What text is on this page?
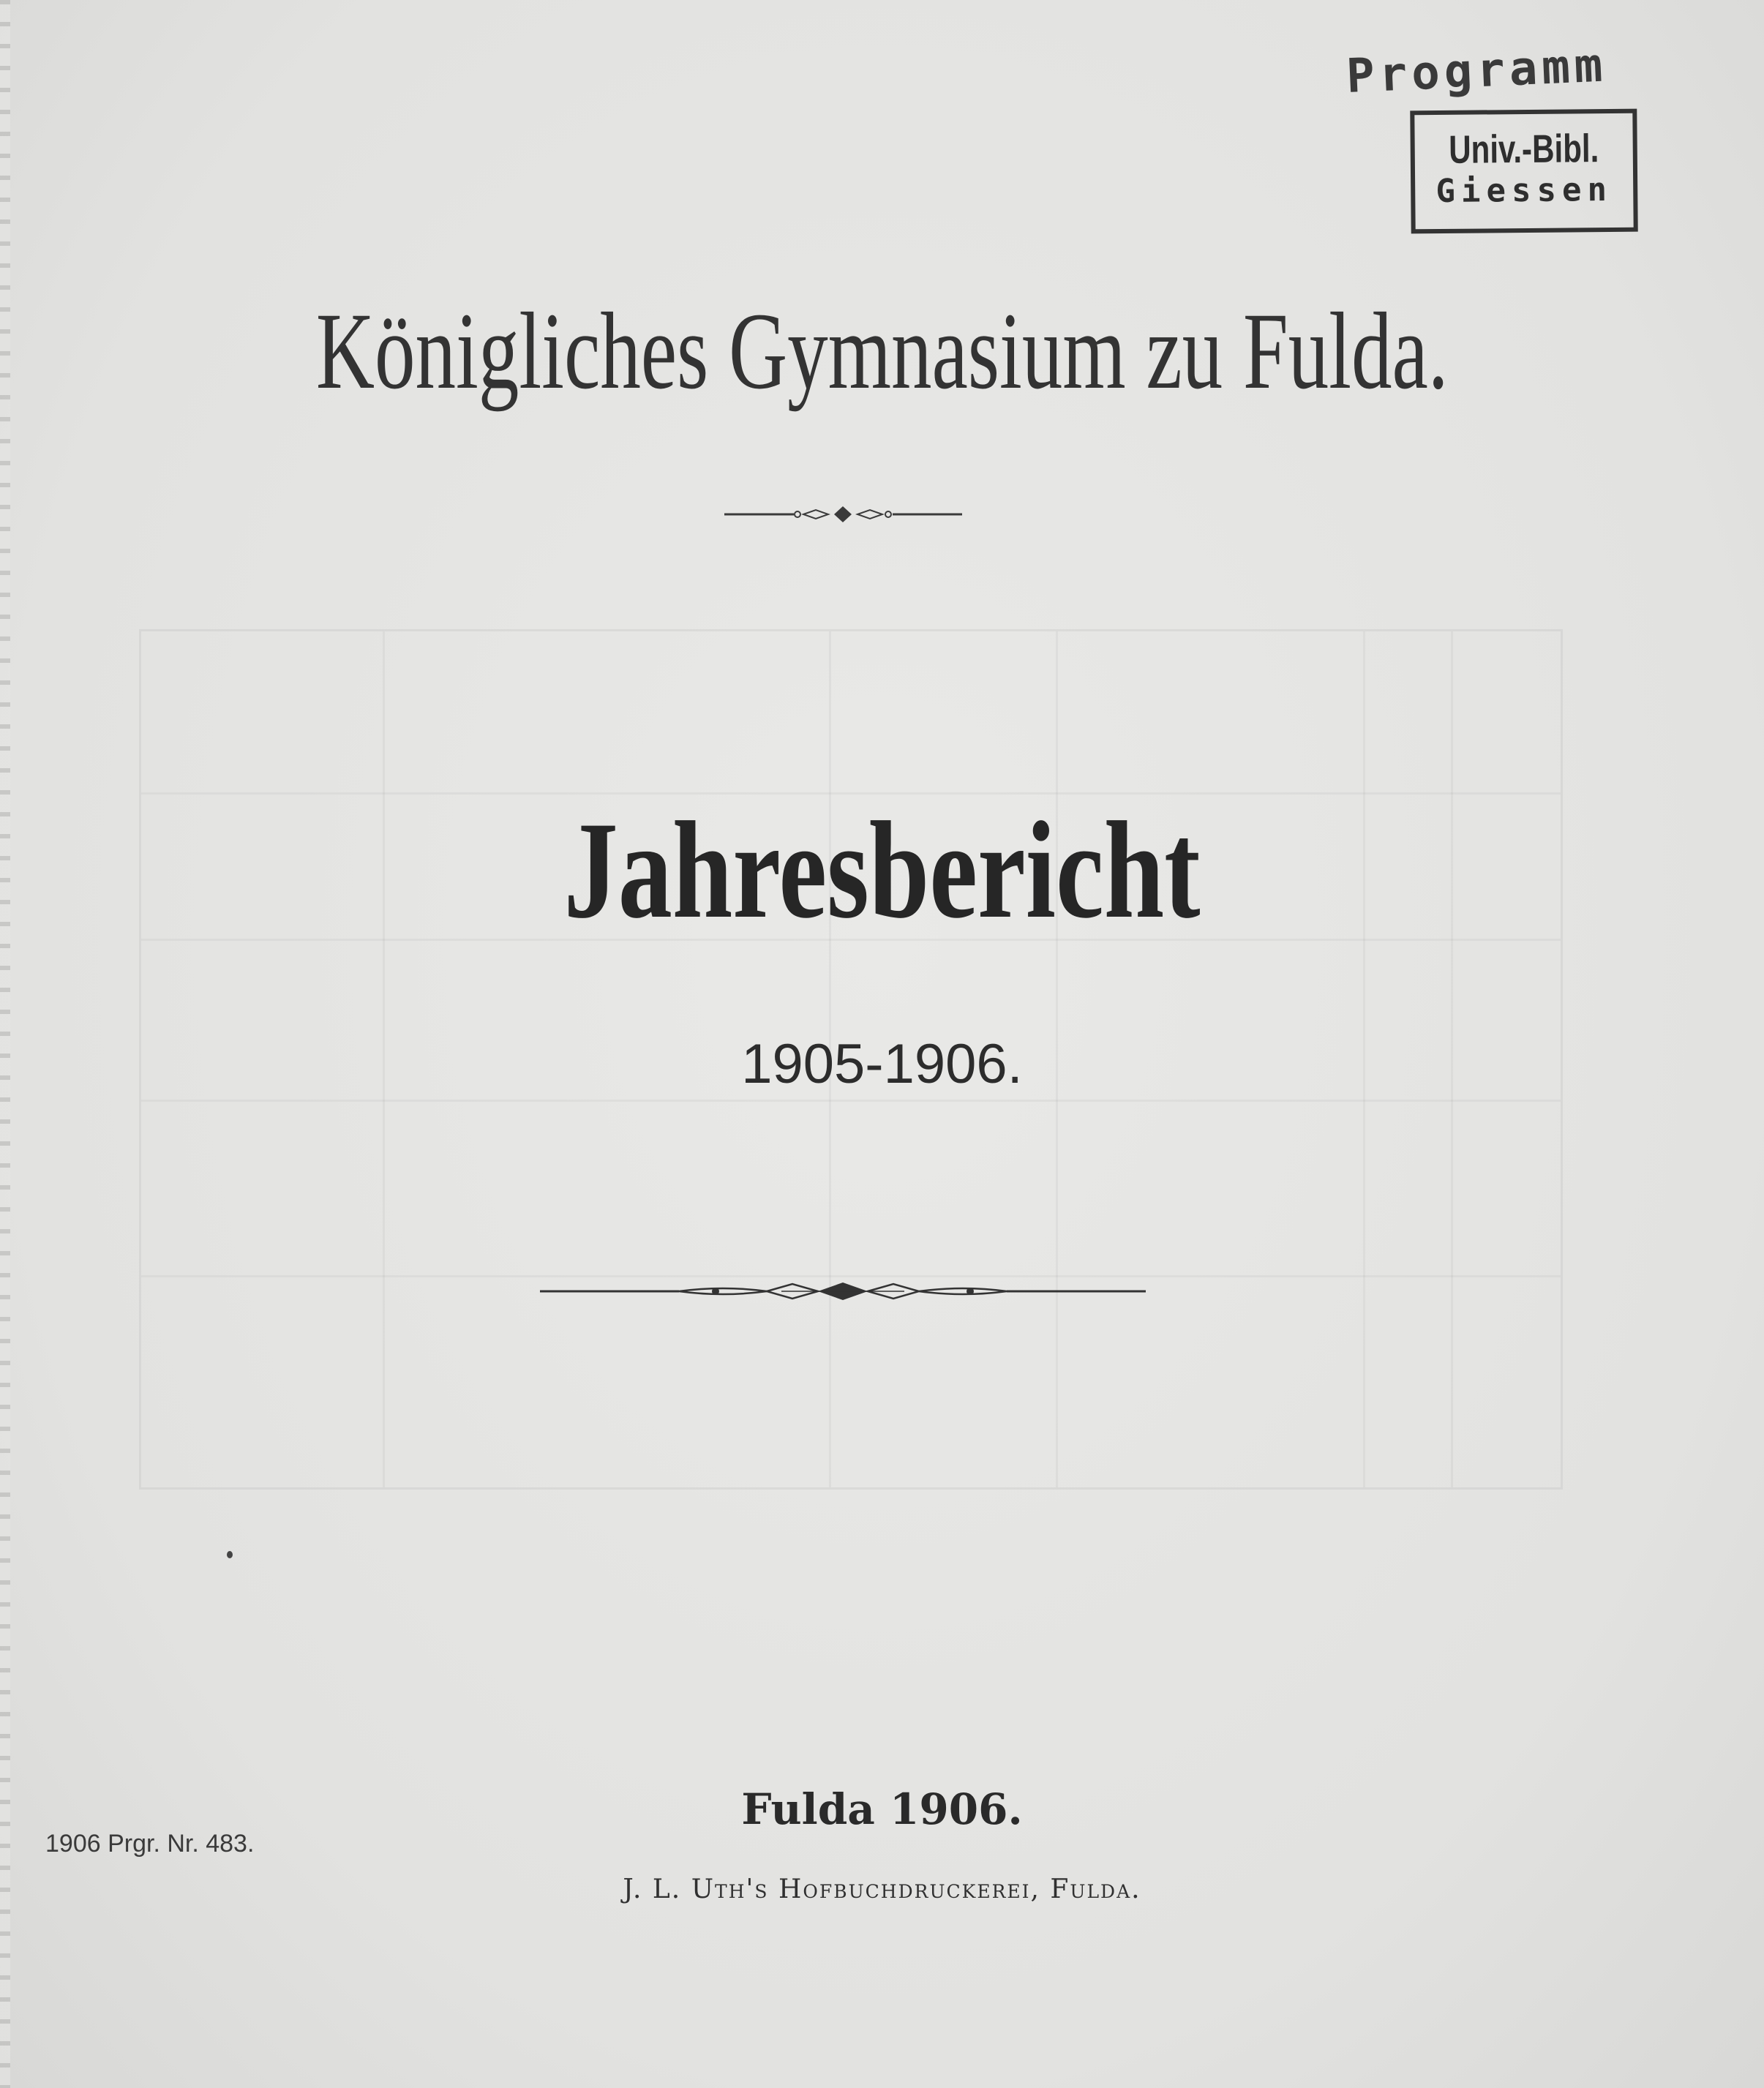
Programm
Univ.-Bibl.
Giessen
Königliches Gymnasium zu Fulda.
Jahresbericht
1905-1906.
Fulda 1906.
J. L. Uth's Hofbuchdruckerei, Fulda.
1906 Prgr. Nr. 483.
